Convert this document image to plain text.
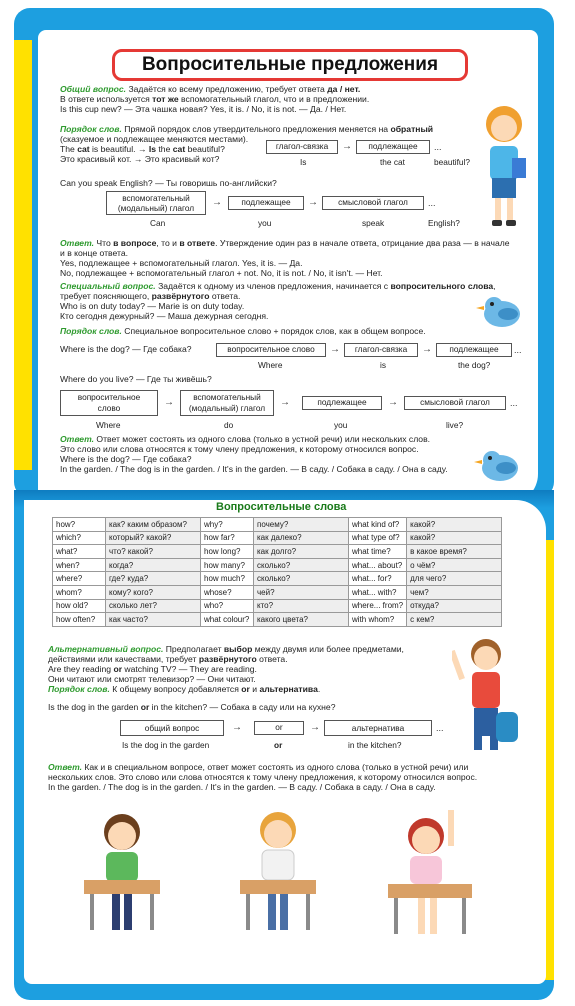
Вопросительные предложения
Общий вопрос. Задаётся ко всему предложению, требует ответа да / нет.
В ответе используется тот же вспомогательный глагол, что и в предложении.
Is this cup new? — Эта чашка новая? Yes, it is. / No, it is not. — Да. / Нет.
Порядок слов. Прямой порядок слов утвердительного предложения меняется на обратный
(сказуемое и подлежащее меняются местами).
The cat is beautiful. → Is the cat beautiful?
Это красивый кот. → Это красивый кот?
глагол-связка	→	подлежащее	...
Is	the cat	beautiful?
Can you speak English? — Ты говоришь по-английски?
вспомогательный
(модальный) глагол	→	подлежащее	→	смысловой глагол	...
Can	you	speak	English?
Ответ. Что в вопросе, то и в ответе. Утверждение один раз в начале ответа, отрицание два раза — в начале
и в конце ответа.
Yes, подлежащее + вспомогательный глагол. Yes, it is. — Да.
No, подлежащее + вспомогательный глагол + not. No, it is not. / No, it isn't. — Нет.
Специальный вопрос. Задаётся к одному из членов предложения, начинается с вопросительного слова,
требует поясняющего, развёрнутого ответа.
Who is on duty today? — Marie is on duty today.
Кто сегодня дежурный? — Маша дежурная сегодня.
Порядок слов. Специальное вопросительное слово + порядок слов, как в общем вопросе.
Where is the dog? — Где собака?	вопросительное слово	→	глагол-связка	→	подлежащее	...
Where	is	the dog?
Where do you live? — Где ты живёшь?
вопросительное
слово	→	вспомогательный
(модальный) глагол	→	подлежащее	→	смысловой глагол	...
Where	do	you	live?
Ответ. Ответ может состоять из одного слова (только в устной речи) или нескольких слов.
Это слово или слова относятся к тому члену предложения, к которому относился вопрос.
Where is the dog? — Где собака?
In the garden. / The dog is in the garden. / It's in the garden. — В саду. / Собака в саду. / Она в саду.
Вопросительные слова
how?	как? каким образом?	why?	почему?	what kind of?	какой?
which?	который? какой?	how far?	как далеко?	what type of?	какой?
what?	что? какой?	how long?	как долго?	what time?	в какое время?
when?	когда?	how many?	сколько?	what... about?	о чём?
where?	где? куда?	how much?	сколько?	what... for?	для чего?
whom?	кому? кого?	whose?	чей?	what... with?	чем?
how old?	сколько лет?	who?	кто?	where... from?	откуда?
how often?	как часто?	what colour?	какого цвета?	with whom?	с кем?
Альтернативный вопрос. Предполагает выбор между двумя или более предметами,
действиями или качествами, требует развёрнутого ответа.
Are they reading or watching TV? — They are reading.
Они читают или смотрят телевизор? — Они читают.
Порядок слов. К общему вопросу добавляется or и альтернатива.
Is the dog in the garden or in the kitchen? — Собака в саду или на кухне?
общий вопрос	→	or	→	альтернатива	...
Is the dog in the garden	or	in the kitchen?
Ответ. Как и в специальном вопросе, ответ может состоять из одного слова (только в устной речи) или
нескольких слов. Это слово или слова относятся к тому члену предложения, к которому относился вопрос.
In the garden. / The dog is in the garden. / It's in the garden. — В саду. / Собака в саду. / Она в саду.
